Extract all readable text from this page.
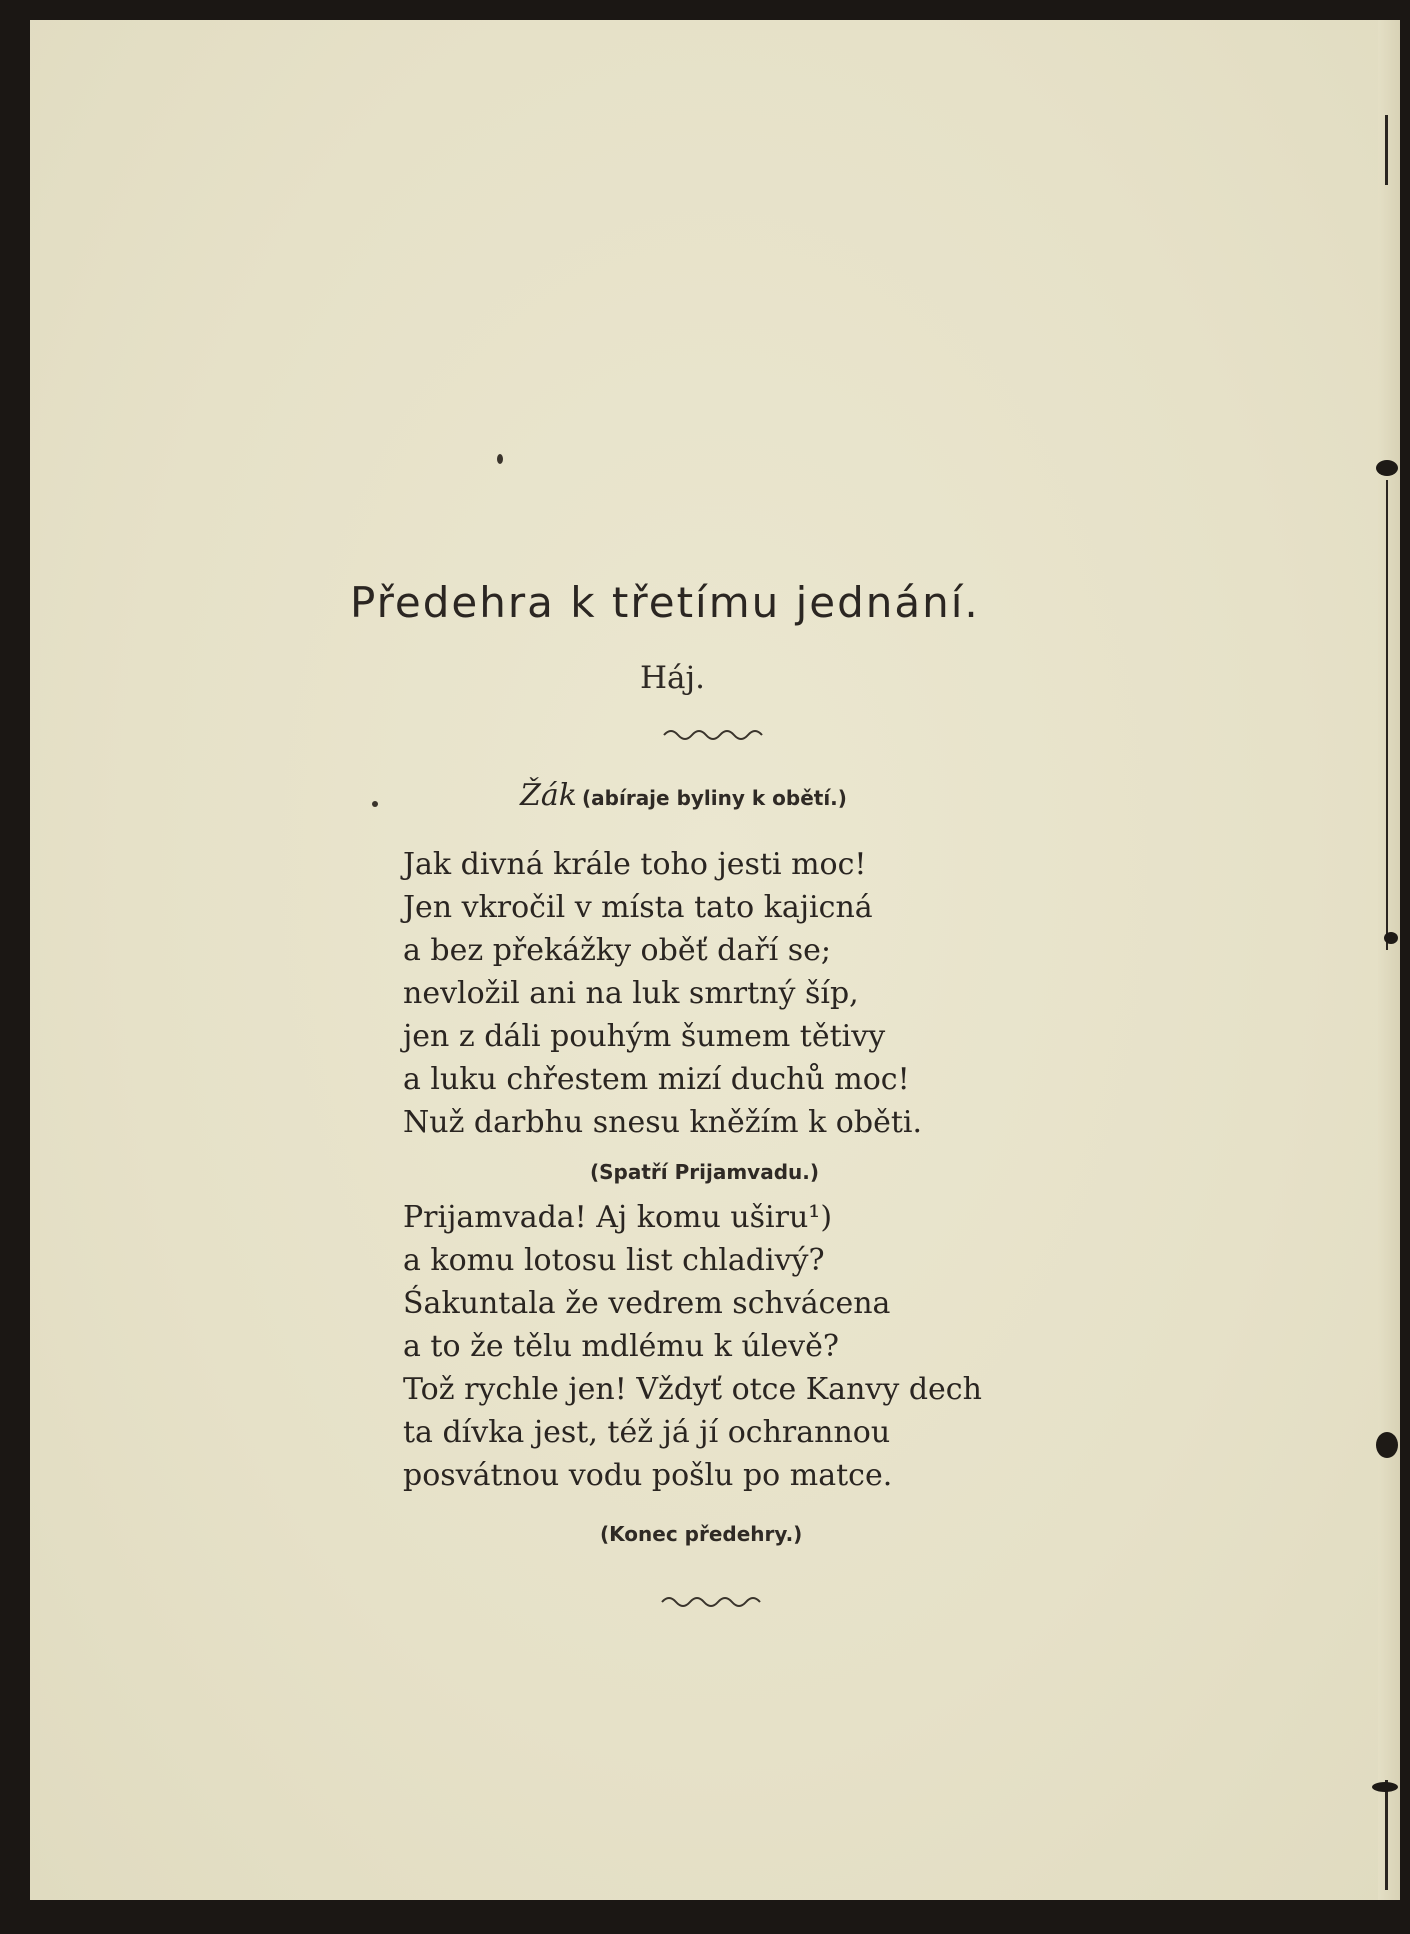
Předehra k třetímu jednání.
Háj.
Žák (abíraje byliny k obětí.)
Jak divná krále toho jesti moc!
Jen vkročil v místa tato kajicná
a bez překážky oběť daří se;
nevložil ani na luk smrtný šíp,
jen z dáli pouhým šumem tětivy
a luku chřestem mizí duchů moc!
Nuž darbhu snesu kněžím k oběti.
(Spatří Prijamvadu.)
Prijamvada! Aj komu uširu¹)
a komu lotosu list chladivý?
Śakuntala že vedrem schvácena
a to že tělu mdlému k úlevě?
Tož rychle jen! Vždyť otce Kanvy dech
ta dívka jest, též já jí ochrannou
posvátnou vodu pošlu po matce.
(Konec předehry.)
